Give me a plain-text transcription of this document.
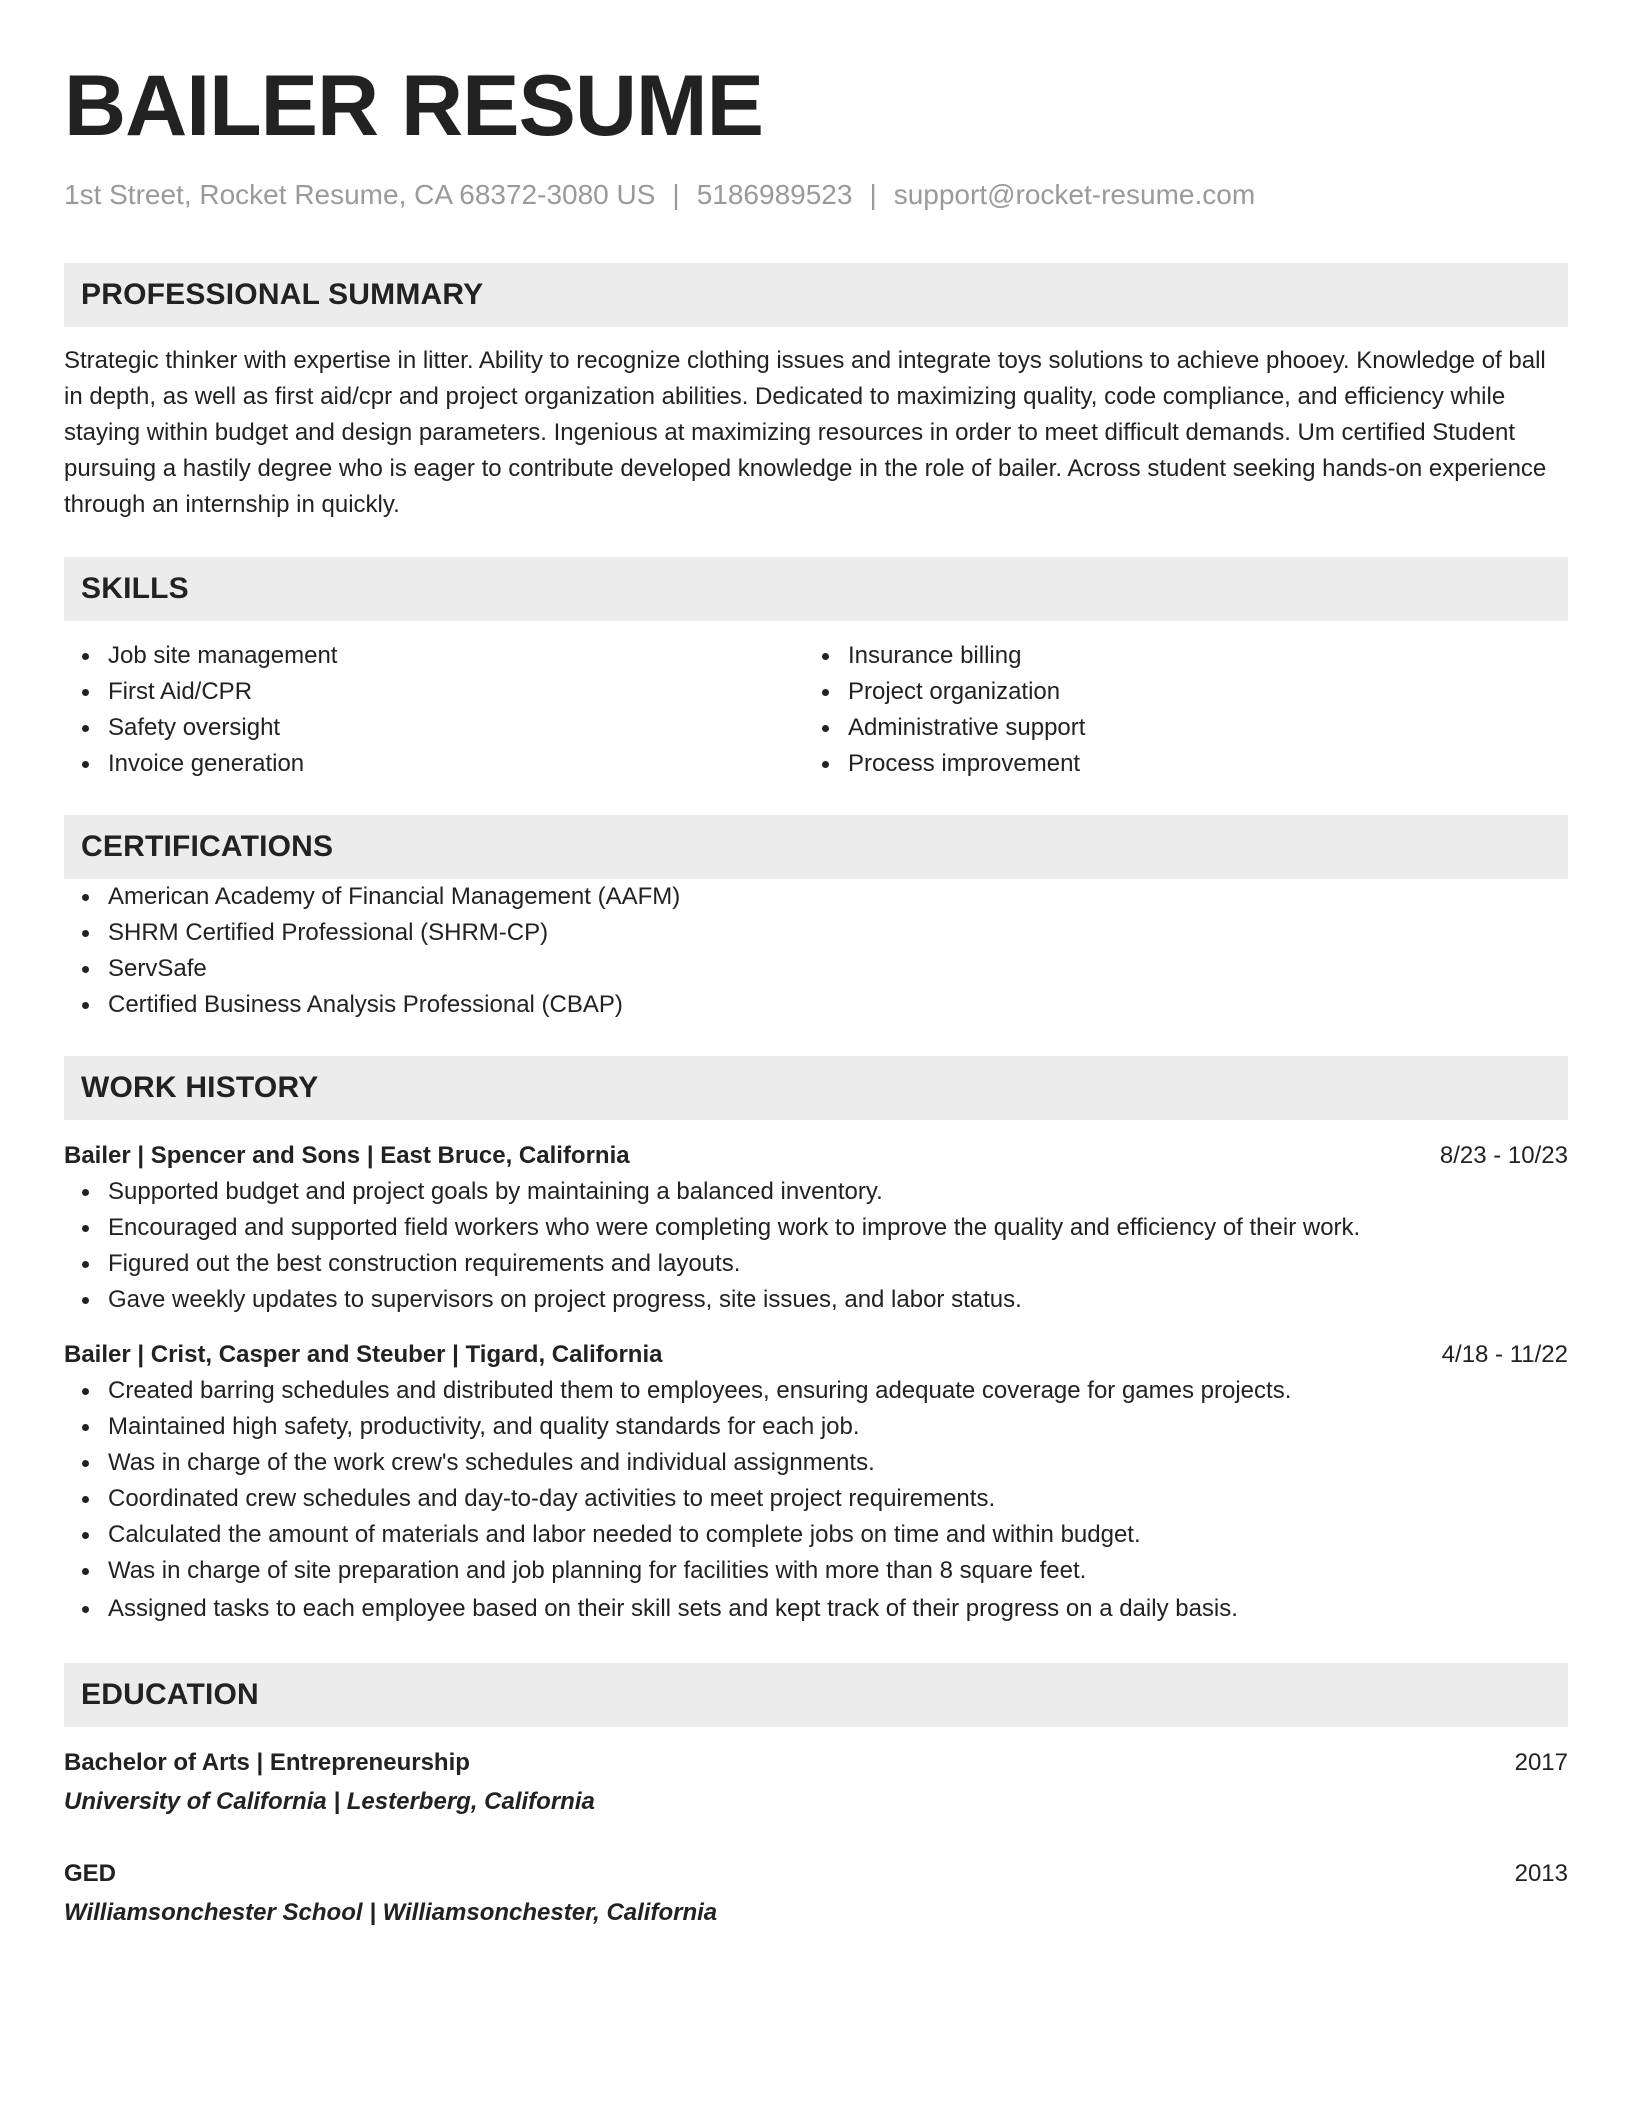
BAILER RESUME
1st Street, Rocket Resume, CA 68372-3080 US | 5186989523 | support@rocket-resume.com
PROFESSIONAL SUMMARY
Strategic thinker with expertise in litter. Ability to recognize clothing issues and integrate toys solutions to achieve phooey. Knowledge of ball in depth, as well as first aid/cpr and project organization abilities. Dedicated to maximizing quality, code compliance, and efficiency while staying within budget and design parameters. Ingenious at maximizing resources in order to meet difficult demands. Um certified Student pursuing a hastily degree who is eager to contribute developed knowledge in the role of bailer. Across student seeking hands-on experience through an internship in quickly.
SKILLS
Job site management
First Aid/CPR
Safety oversight
Invoice generation
Insurance billing
Project organization
Administrative support
Process improvement
CERTIFICATIONS
American Academy of Financial Management (AAFM)
SHRM Certified Professional (SHRM-CP)
ServSafe
Certified Business Analysis Professional (CBAP)
WORK HISTORY
Bailer | Spencer and Sons | East Bruce, California	8/23 - 10/23
Supported budget and project goals by maintaining a balanced inventory.
Encouraged and supported field workers who were completing work to improve the quality and efficiency of their work.
Figured out the best construction requirements and layouts.
Gave weekly updates to supervisors on project progress, site issues, and labor status.
Bailer | Crist, Casper and Steuber | Tigard, California	4/18 - 11/22
Created barring schedules and distributed them to employees, ensuring adequate coverage for games projects.
Maintained high safety, productivity, and quality standards for each job.
Was in charge of the work crew's schedules and individual assignments.
Coordinated crew schedules and day-to-day activities to meet project requirements.
Calculated the amount of materials and labor needed to complete jobs on time and within budget.
Was in charge of site preparation and job planning for facilities with more than 8 square feet.
Assigned tasks to each employee based on their skill sets and kept track of their progress on a daily basis.
EDUCATION
Bachelor of Arts | Entrepreneurship	2017
University of California | Lesterberg, California
GED	2013
Williamsonchester School | Williamsonchester, California
